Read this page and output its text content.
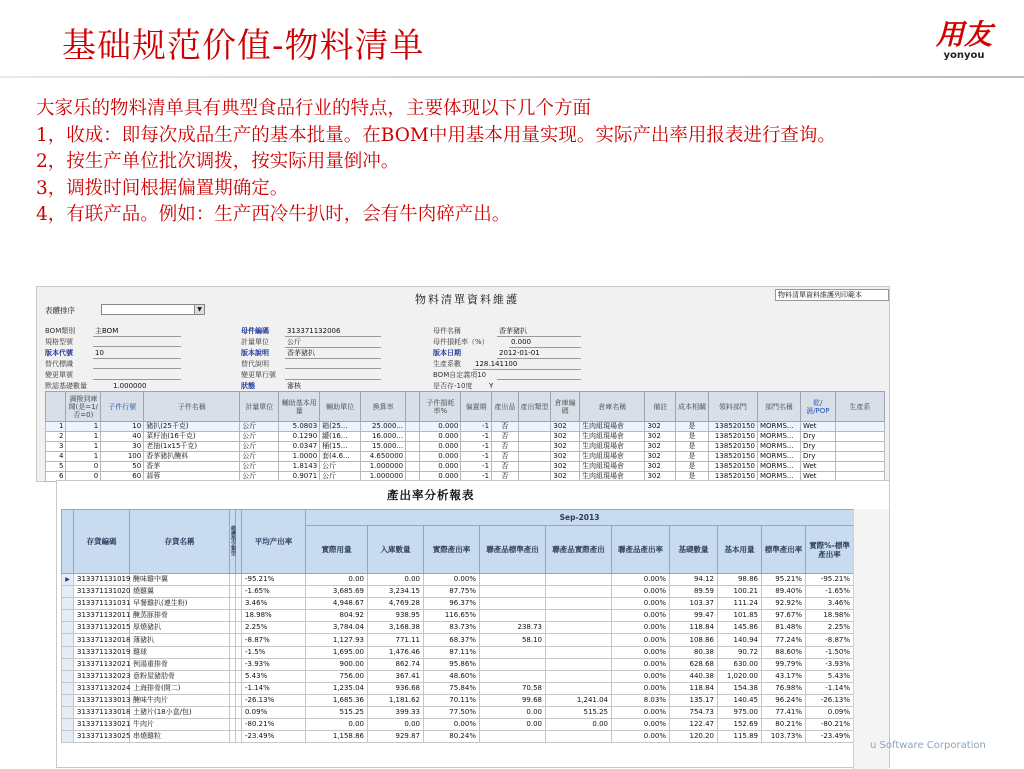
基础规范价值-物料清单	用友
yonyou
大家乐的物料清单具有典型食品行业的特点，主要体现以下几个方面
1，收成：即每次成品生产的基本批量。在BOM中用基本用量实现。实际产出率用报表进行查询。
2，按生产单位批次调拨，按实际用量倒冲。
3，调拨时间根据偏置期确定。
4，有联产品。例如：生产西冷牛扒时，会有牛肉碎产出。
物料清單資料維護	物料清單資料維護列印範本
表體排序	▼
BOM類別	主BOM
規格型號
版本代號	10
替代標識
變更單號
默認基礎數量	1.000000
母件編碼	313371132006
計量單位	公斤
版本說明	香茅豬扒
替代說明
變更單行號
狀態	審核
母件名稱	香茅豬扒
母件損耗率（%）	0.000
版本日期	2012-01-01
生產系數 128.141100
BOM自定義項10
是否存-10度 Y
	調撥到庫鬧(是=1/否=0)	子件行號	子件名稱	計量單位	輔助基本用量	輔助單位	換算率		子件損耗率%	偏置期	產出品	產出類型	倉庫編碼	倉庫名稱	備註	成本相關	領料部門	部門名稱	乾/濕/POP	生產系
1	1	10	豬扒(25千克)	公斤	5.0803	箱(25...	25.000...		0.000	-1	否		302	生肉組現場倉	302	是	138520150	MORMS...	Wet	
2	1	40	菜籽油(16千克)	公斤	0.1290	罐(16...	16.000...		0.000	-1	否		302	生肉組現場倉	302	是	138520150	MORMS...	Dry	
3	1	30	老抽(1x15千克)	公斤	0.0347	桶(15...	15.000...		0.000	-1	否		302	生肉組現場倉	302	是	138520150	MORMS...	Dry	
4	1	100	香茅豬扒醃料	公斤	1.0000	套(4.6...	4.650000		0.000	-1	否		302	生肉組現場倉	302	是	138520150	MORMS...	Dry	
5	0	50	香茅	公斤	1.8143	公斤	1.000000		0.000	-1	否		302	生肉組現場倉	302	是	138520150	MORMS...	Wet	
6	0	60	蒜蓉	公斤	0.9071	公斤	1.000000		0.000	-1	否		302	生肉組現場倉	302	是	138520150	MORMS...	Wet	
產出率分析報表
	存貨編碼	存貨名稱	維護指令類型		平均产出率	Sep-2013									
						實際用量	入庫數量	實際產出率	聯產品標準產出	聯產品實際產出	聯產品產出率	基礎數量	基本用量	標準產出率	實際%-標準產出率
▶	313371131019	醃味雞中翼			-95.21%	0.00	0.00	0.00%			0.00%	94.12	98.86	95.21%	-95.21%
	313371131020	燒雞翼			-1.65%	3,685.69	3,234.15	87.75%			0.00%	89.59	100.21	89.40%	-1.65%
	313371131031	早餐雞扒(連生粉)			3.46%	4,948.67	4,769.28	96.37%			0.00%	103.37	111.24	92.92%	3.46%
	313371132011	醃蒸豚排骨			18.98%	804.92	938.95	116.65%			0.00%	99.47	101.85	97.67%	18.98%
	313371132015	厚燒豬扒			2.25%	3,784.04	3,168.38	83.73%	238.73		0.00%	118.84	145.86	81.48%	2.25%
	313371132018	薄豬扒			-8.87%	1,127.93	771.11	68.37%	58.10		0.00%	108.86	140.94	77.24%	-8.87%
	313371132019	雞球			-1.5%	1,695.00	1,476.46	87.11%			0.00%	80.38	90.72	88.60%	-1.50%
	313371132021	例湯重排骨			-3.93%	900.00	862.74	95.86%			0.00%	628.68	630.00	99.79%	-3.93%
	313371132023	意粉屋豬肋骨			5.43%	756.00	367.41	48.60%			0.00%	440.38	1,020.00	43.17%	5.43%
	313371132024	上海排骨(開二)			-1.14%	1,235.04	936.68	75.84%	70.58		0.00%	118.84	154.38	76.98%	-1.14%
	313371133013	醃味牛肉片			-26.13%	1,685.36	1,181.62	70.11%	99.68	1,241.04	8.03%	135.17	140.45	96.24%	-26.13%
	313371133018	土豬片(18小盒/包)			0.09%	515.25	399.33	77.50%	0.00	515.25	0.00%	754.73	975.00	77.41%	0.09%
	313371133021	牛肉片			-80.21%	0.00	0.00	0.00%	0.00	0.00	0.00%	122.47	152.69	80.21%	-80.21%
	313371133025	串燒雞粒			-23.49%	1,158.86	929.87	80.24%			0.00%	120.20	115.89	103.73%	-23.49%
u Software Corporation
